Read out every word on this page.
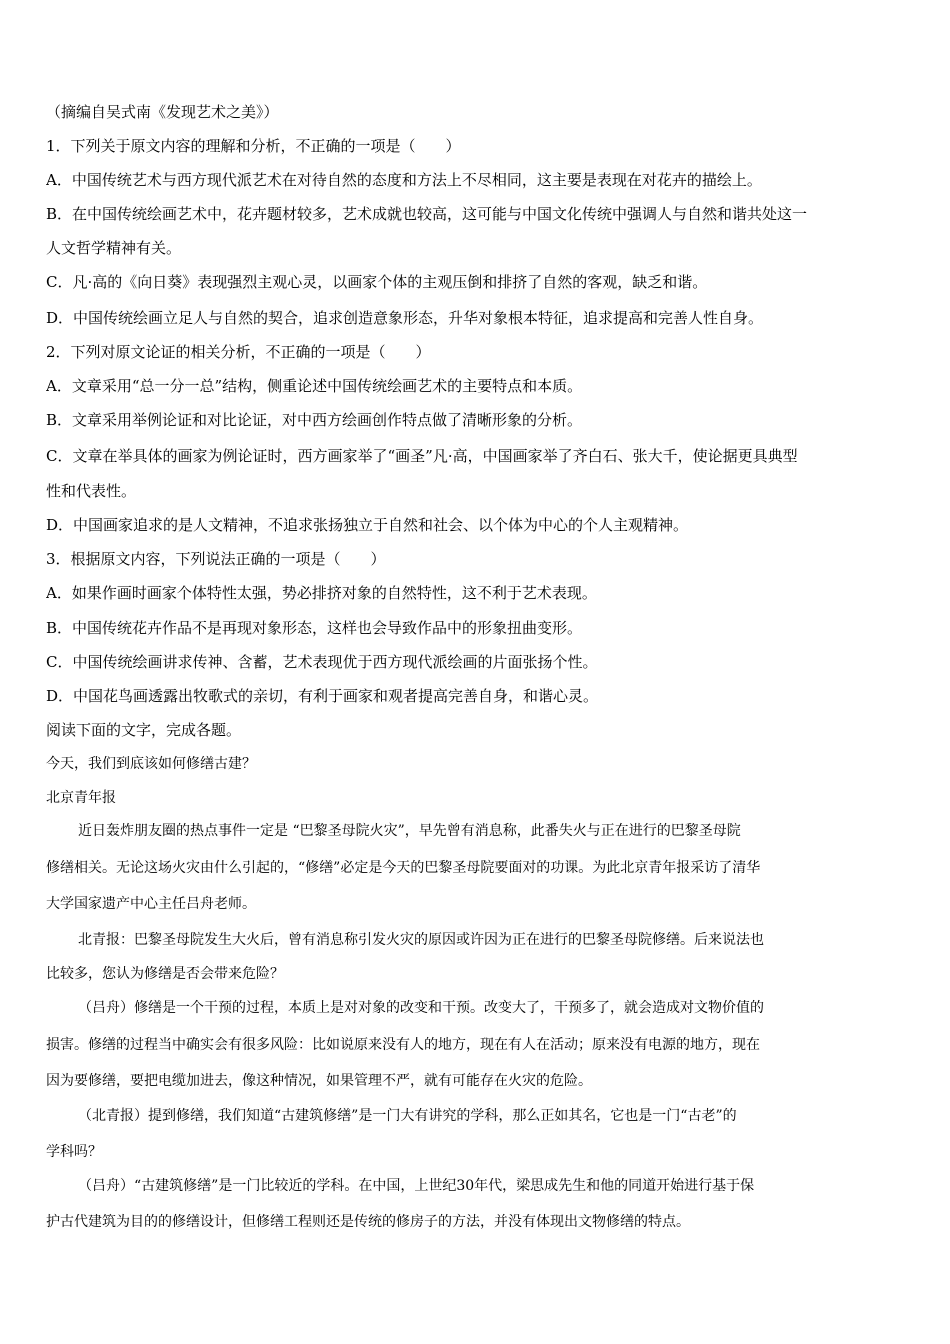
（摘编自吴式南《发现艺术之美》）
1．下列关于原文内容的理解和分析，不正确的一项是（　　）
A．中国传统艺术与西方现代派艺术在对待自然的态度和方法上不尽相同，这主要是表现在对花卉的描绘上。
B．在中国传统绘画艺术中，花卉题材较多，艺术成就也较高，这可能与中国文化传统中强调人与自然和谐共处这一
人文哲学精神有关。
C．凡·高的《向日葵》表现强烈主观心灵，以画家个体的主观压倒和排挤了自然的客观，缺乏和谐。
D．中国传统绘画立足人与自然的契合，追求创造意象形态，升华对象根本特征，追求提高和完善人性自身。
2．下列对原文论证的相关分析，不正确的一项是（　　）
A．文章采用“总一分一总”结构，侧重论述中国传统绘画艺术的主要特点和本质。
B．文章采用举例论证和对比论证，对中西方绘画创作特点做了清晰形象的分析。
C．文章在举具体的画家为例论证时，西方画家举了“画圣”凡·高，中国画家举了齐白石、张大千，使论据更具典型
性和代表性。
D．中国画家追求的是人文精神，不追求张扬独立于自然和社会、以个体为中心的个人主观精神。
3．根据原文内容，下列说法正确的一项是（　　）
A．如果作画时画家个体特性太强，势必排挤对象的自然特性，这不利于艺术表现。
B．中国传统花卉作品不是再现对象形态，这样也会导致作品中的形象扭曲变形。
C．中国传统绘画讲求传神、含蓄，艺术表现优于西方现代派绘画的片面张扬个性。
D．中国花鸟画透露出牧歌式的亲切，有利于画家和观者提高完善自身，和谐心灵。
阅读下面的文字，完成各题。
今天，我们到底该如何修缮古建？
北京青年报
近日轰炸朋友圈的热点事件一定是 “巴黎圣母院火灾”，早先曾有消息称，此番失火与正在进行的巴黎圣母院
修缮相关。无论这场火灾由什么引起的，“修缮”必定是今天的巴黎圣母院要面对的功课。为此北京青年报采访了清华
大学国家遗产中心主任吕舟老师。
北青报：巴黎圣母院发生大火后，曾有消息称引发火灾的原因或许因为正在进行的巴黎圣母院修缮。后来说法也
比较多，您认为修缮是否会带来危险？
（吕舟）修缮是一个干预的过程，本质上是对对象的改变和干预。改变大了，干预多了，就会造成对文物价值的
损害。修缮的过程当中确实会有很多风险：比如说原来没有人的地方，现在有人在活动；原来没有电源的地方，现在
因为要修缮，要把电缆加进去，像这种情况，如果管理不严，就有可能存在火灾的危险。
（北青报）提到修缮，我们知道“古建筑修缮”是一门大有讲究的学科，那么正如其名，它也是一门“古老”的
学科吗？
（吕舟）“古建筑修缮”是一门比较近的学科。在中国，上世纪30年代，梁思成先生和他的同道开始进行基于保
护古代建筑为目的的修缮设计，但修缮工程则还是传统的修房子的方法，并没有体现出文物修缮的特点。
